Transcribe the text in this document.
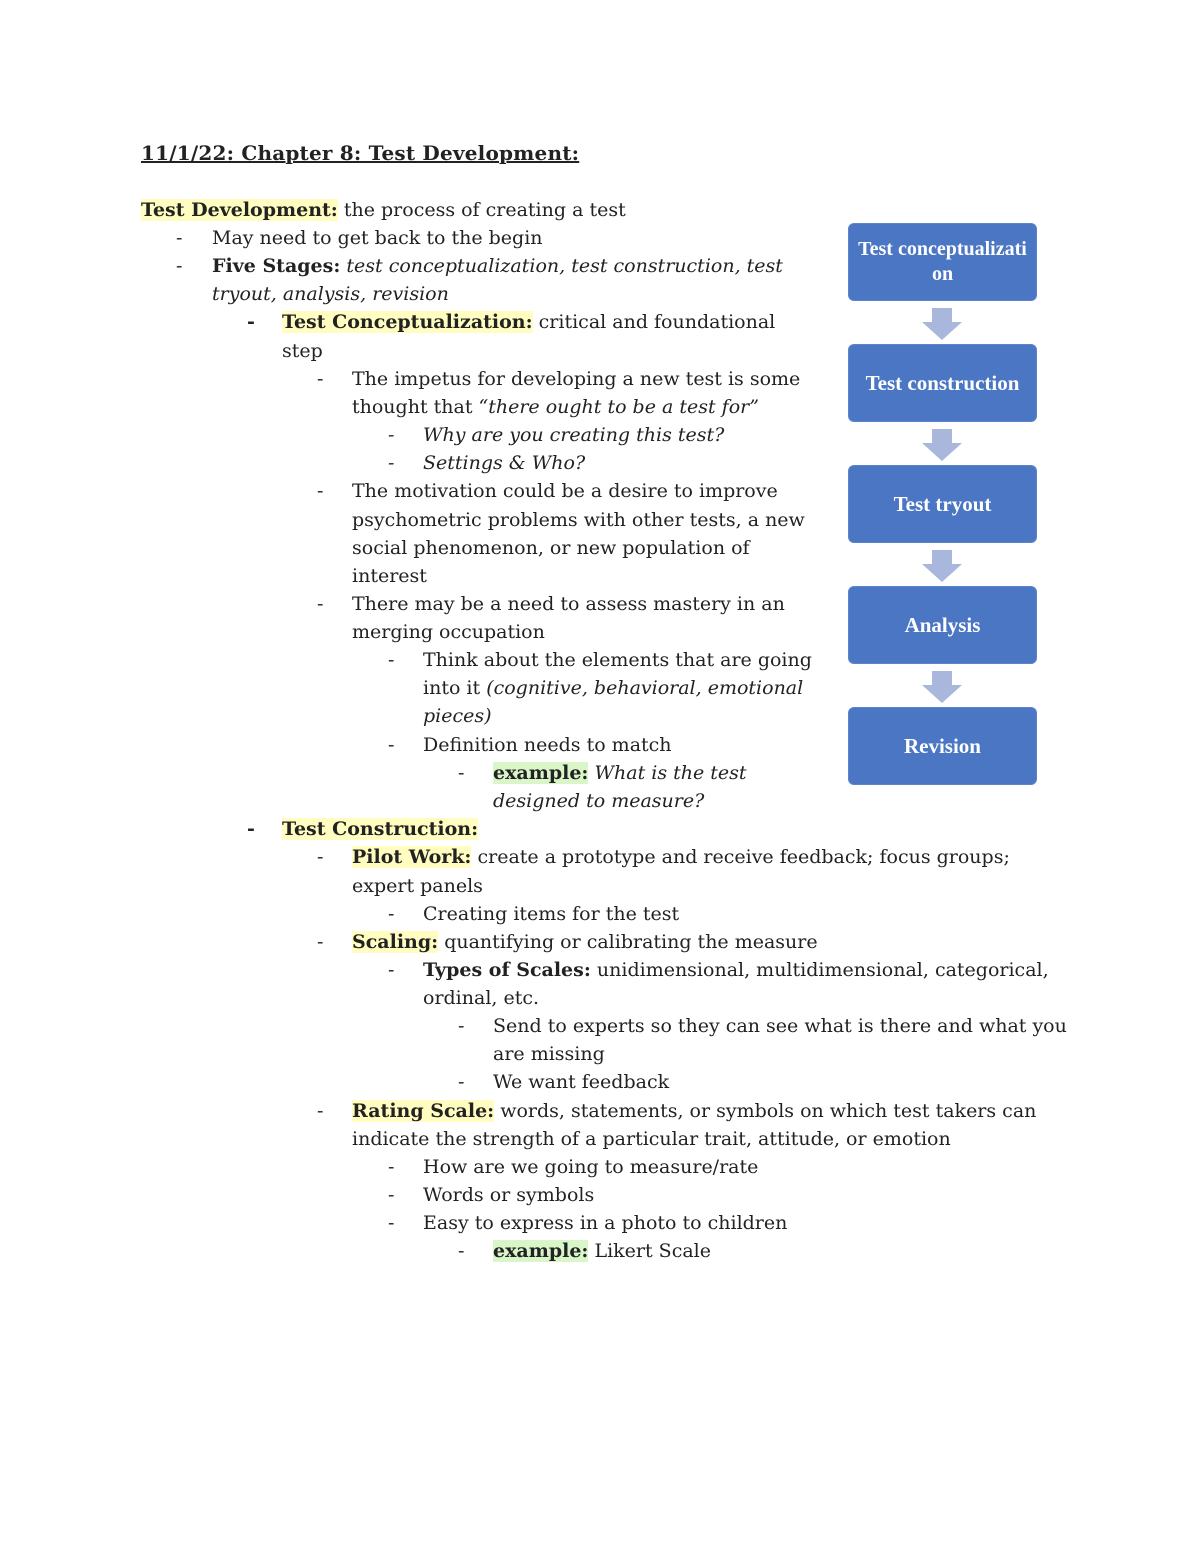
11/1/22: Chapter 8: Test Development:
Test Development: the process of creating a test
-	May need to get back to the begin
-	Five Stages: test conceptualization, test construction, test
tryout, analysis, revision
-	Test Conceptualization: critical and foundational
step
-	The impetus for developing a new test is some
thought that “there ought to be a test for”
-	Why are you creating this test?
-	Settings & Who?
-	The motivation could be a desire to improve
psychometric problems with other tests, a new
social phenomenon, or new population of
interest
-	There may be a need to assess mastery in an
merging occupation
-	Think about the elements that are going
into it (cognitive, behavioral, emotional
pieces)
-	Definition needs to match
-	example: What is the test
designed to measure?
-	Test Construction:
-	Pilot Work: create a prototype and receive feedback; focus groups;
expert panels
-	Creating items for the test
-	Scaling: quantifying or calibrating the measure
-	Types of Scales: unidimensional, multidimensional, categorical,
ordinal, etc.
-	Send to experts so they can see what is there and what you
are missing
-	We want feedback
-	Rating Scale: words, statements, or symbols on which test takers can
indicate the strength of a particular trait, attitude, or emotion
-	How are we going to measure/rate
-	Words or symbols
-	Easy to express in a photo to children
-	example: Likert Scale
Test conceptualization
Test construction
Test tryout
Analysis
Revision
